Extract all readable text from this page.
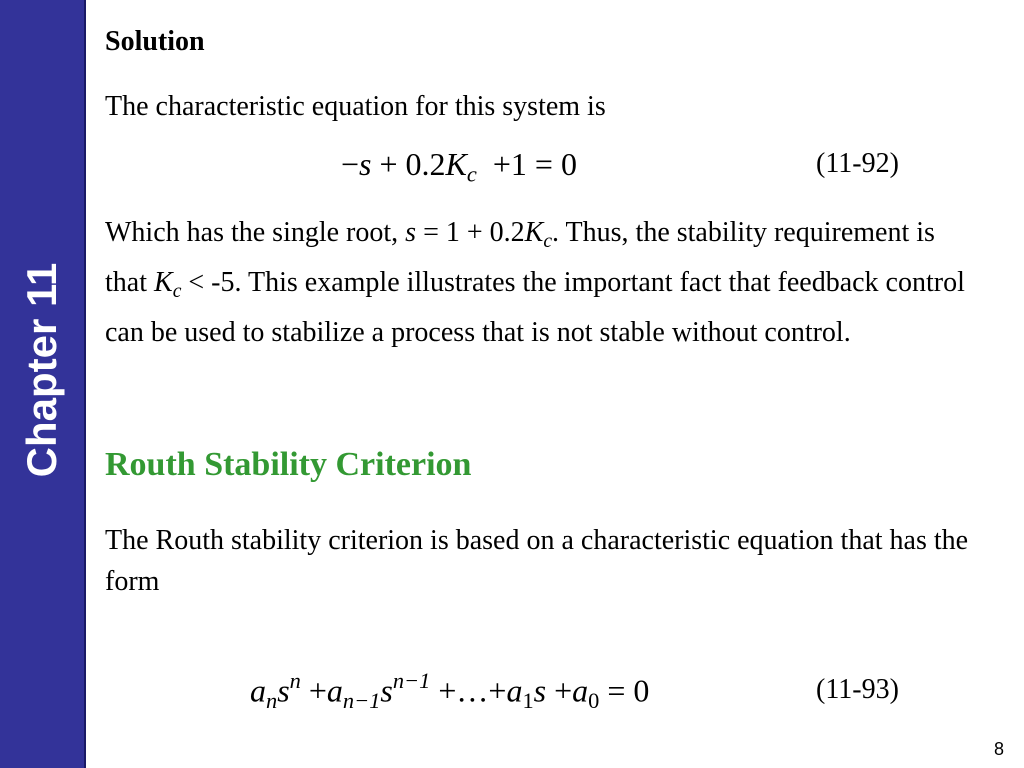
Chapter 11
Solution
The characteristic equation for this system is
$-s + 0.2K_c +1 = 0$	(11-92)
Which has the single root, $s = 1 + 0.2K_c$. Thus, the stability requirement is that $K_c < -5$. This example illustrates the important fact that feedback control can be used to stabilize a process that is not stable without control.
Routh Stability Criterion
The Routh stability criterion is based on a characteristic equation that has the form
$a_ns^n +a_{n-1}s^{n-1}$ $+\dots+a_1s +a_0 = 0$	(11-93)
8
